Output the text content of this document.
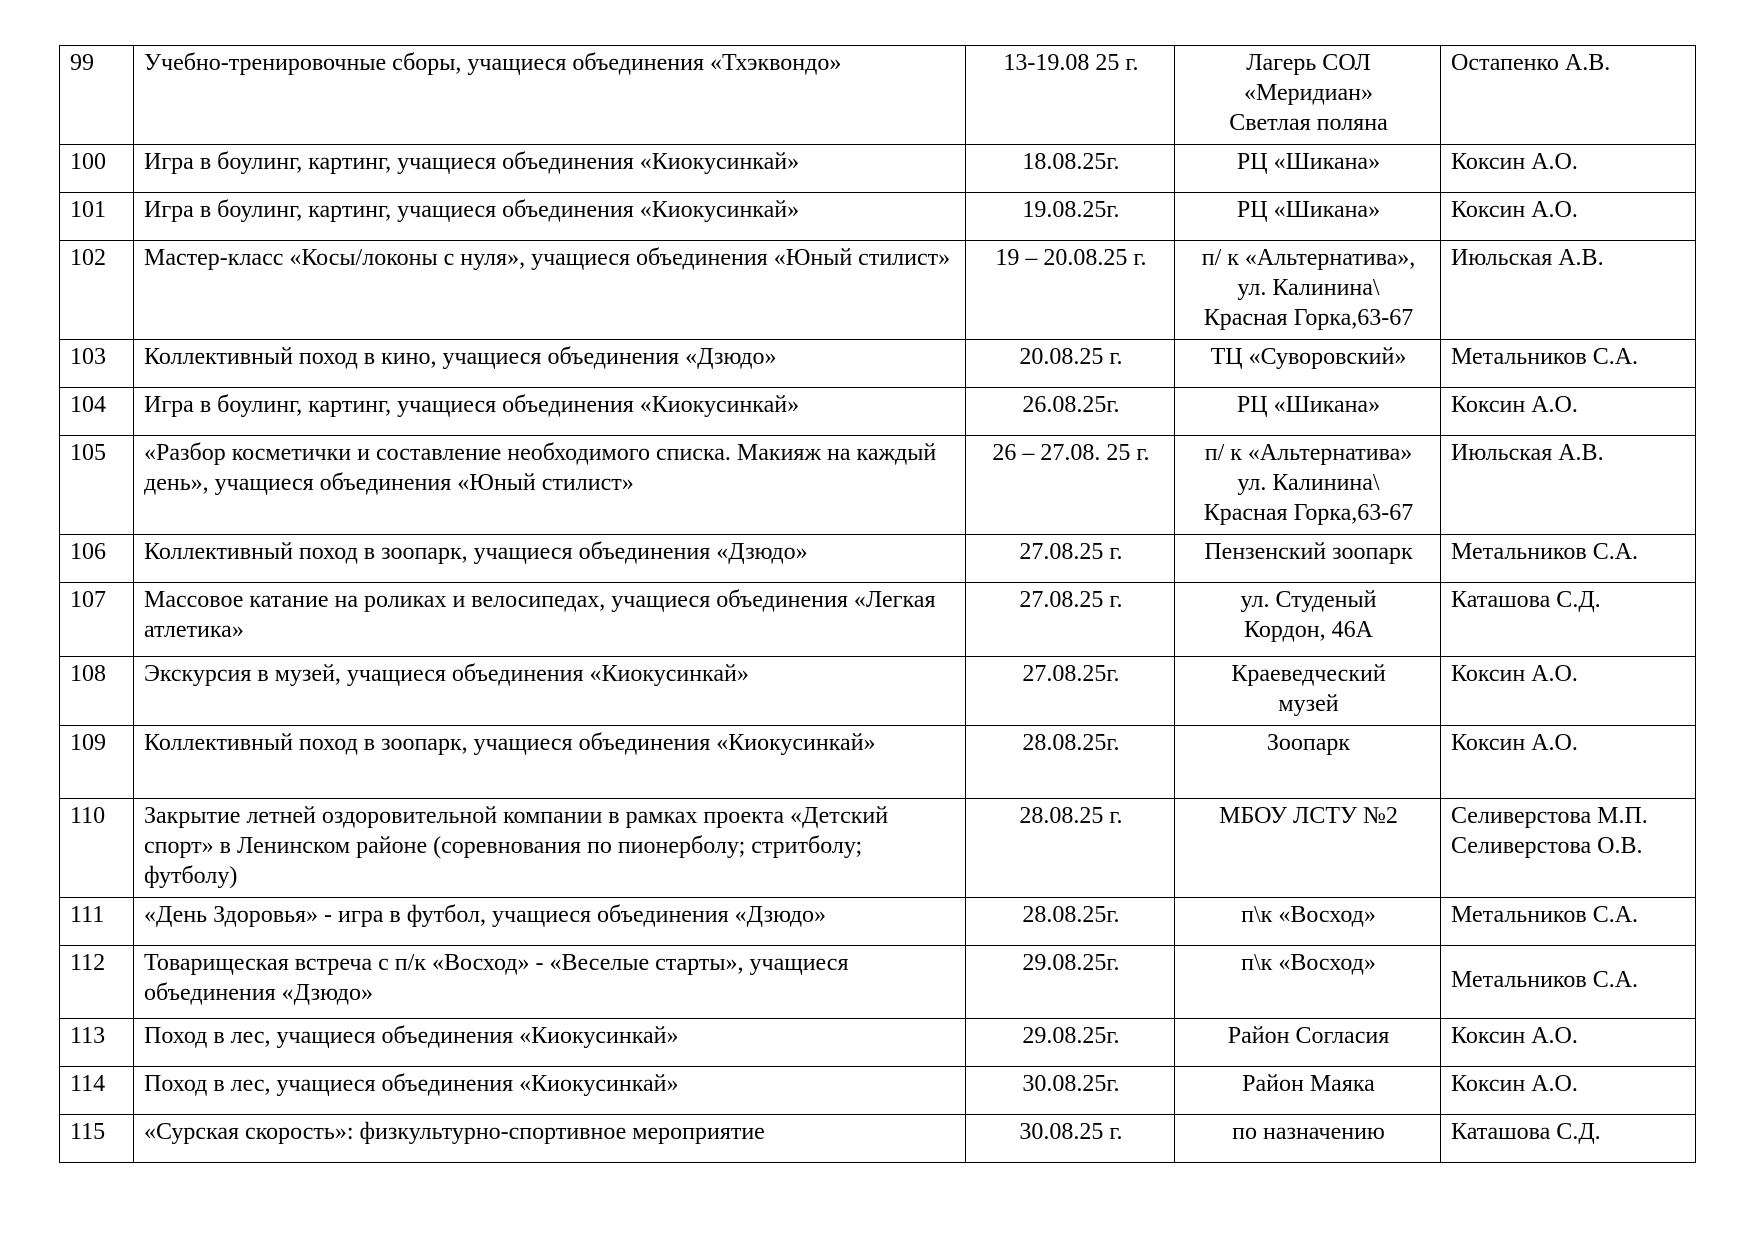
99	Учебно-тренировочные сборы, учащиеся объединения «Тхэквондо»	13-19.08 25 г.	Лагерь СОЛ
«Меридиан»
Светлая поляна	Остапенко А.В.

100	Игра в боулинг, картинг, учащиеся объединения «Киокусинкай»	18.08.25г.	РЦ «Шикана»	Коксин А.О.

101	Игра в боулинг, картинг, учащиеся объединения «Киокусинкай»	19.08.25г.	РЦ «Шикана»	Коксин А.О.

102	Мастер-класс «Косы/локоны с нуля», учащиеся объединения «Юный стилист»	19 – 20.08.25 г.	п/ к «Альтернатива»,
ул. Калинина\
Красная Горка,63-67	Июльская А.В.

103	Коллективный поход в кино, учащиеся объединения «Дзюдо»	20.08.25 г.	ТЦ «Суворовский»	Метальников С.А.

104	Игра в боулинг, картинг, учащиеся объединения «Киокусинкай»	26.08.25г.	РЦ «Шикана»	Коксин А.О.

105	«Разбор косметички и составление необходимого списка. Макияж на каждый день», учащиеся объединения «Юный стилист»	26 – 27.08. 25 г.	п/ к «Альтернатива»
ул. Калинина\
Красная Горка,63-67	Июльская А.В.

106	Коллективный поход в зоопарк, учащиеся объединения «Дзюдо»	27.08.25 г.	Пензенский зоопарк	Метальников С.А.

107	Массовое катание на роликах и велосипедах, учащиеся объединения «Легкая атлетика»	27.08.25 г.	ул. Студеный
Кордон, 46А	Каташова С.Д.

108	Экскурсия в музей, учащиеся объединения «Киокусинкай»	27.08.25г.	Краеведческий
музей	Коксин А.О.

109	Коллективный поход в зоопарк, учащиеся объединения «Киокусинкай»	28.08.25г.	Зоопарк	Коксин А.О.

110	Закрытие летней оздоровительной компании в рамках проекта «Детский спорт» в Ленинском районе (соревнования по пионерболу; стритболу; футболу)	28.08.25 г.	МБОУ ЛСТУ №2	Селиверстова М.П.
Селиверстова О.В.

111	«День Здоровья» - игра в футбол, учащиеся объединения «Дзюдо»	28.08.25г.	п\к «Восход»	Метальников С.А.

112	Товарищеская встреча с п/к «Восход» - «Веселые старты», учащиеся объединения «Дзюдо»	29.08.25г.	п\к «Восход»	Метальников С.А.

113	Поход в лес, учащиеся объединения «Киокусинкай»	29.08.25г.	Район Согласия	Коксин А.О.

114	Поход в лес, учащиеся объединения «Киокусинкай»	30.08.25г.	Район Маяка	Коксин А.О.

115	«Сурская скорость»: физкультурно-спортивное мероприятие	30.08.25 г.	по назначению	Каташова С.Д.
